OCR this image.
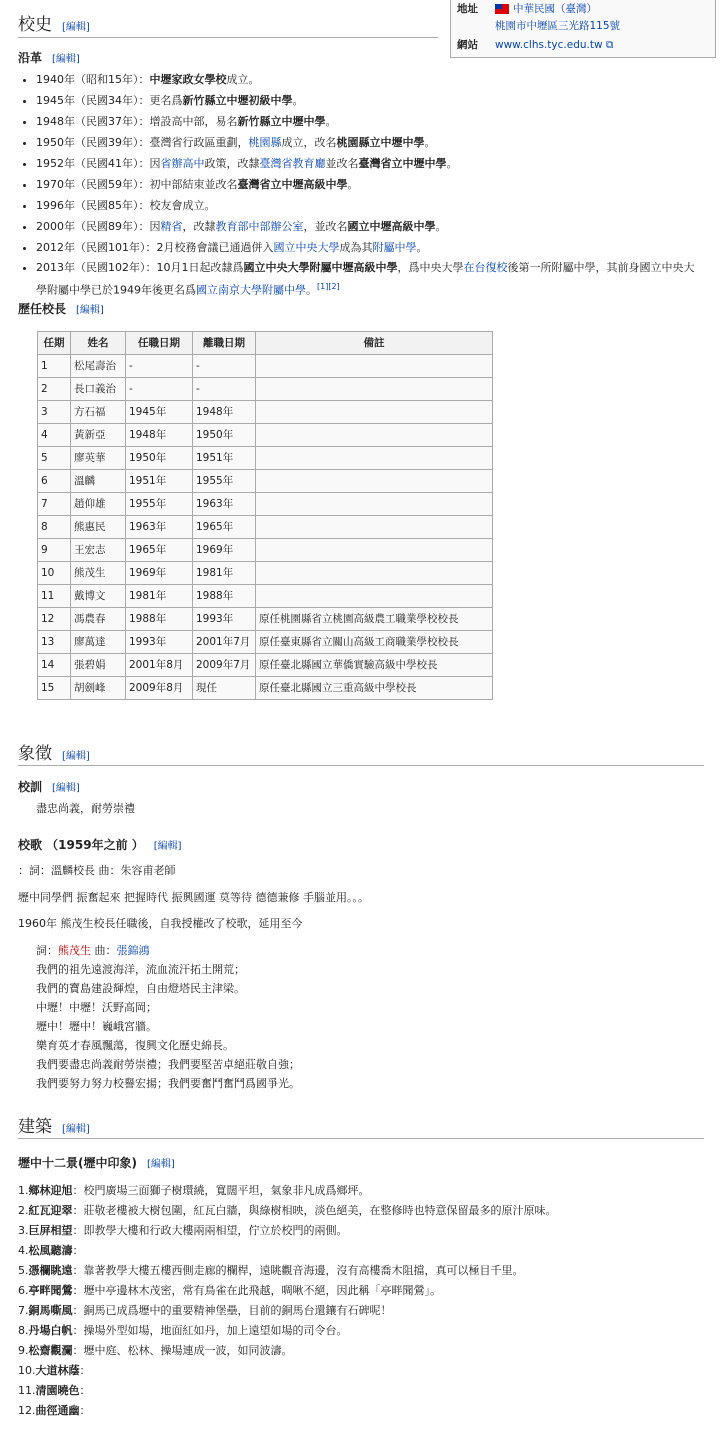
地址	中華民國（臺灣）
桃園市中壢區三光路115號
網站	www.clhs.tyc.edu.tw ⧉
校史 [編輯]
沿革 [編輯]
• 1940年（昭和15年）：中壢家政女學校成立。
• 1945年（民國34年）：更名爲新竹縣立中壢初級中學。
• 1948年（民國37年）：增設高中部，易名新竹縣立中壢中學。
• 1950年（民國39年）：臺灣省行政區重劃，桃園縣成立，改名桃園縣立中壢中學。
• 1952年（民國41年）：因省辦高中政策，改隸臺灣省教育廳並改名臺灣省立中壢中學。
• 1970年（民國59年）：初中部結束並改名臺灣省立中壢高級中學。
• 1996年（民國85年）：校友會成立。
• 2000年（民國89年）：因精省，改隸教育部中部辦公室，並改名國立中壢高級中學。
• 2012年（民國101年）：2月校務會議已通過併入國立中央大學成為其附屬中學。
• 2013年（民國102年）：10月1日起改隸爲國立中央大學附屬中壢高級中學，爲中央大學在台復校後第一所附屬中學，其前身國立中央大學附屬中學已於1949年後更名爲國立南京大學附屬中學。[1][2]
歷任校長 [編輯]
任期	姓名	任職日期	離職日期	備註
1	松尾壽治	-	-	
2	長口義治	-	-	
3	方石福	1945年	1948年	
4	黃新亞	1948年	1950年	
5	廖英華	1950年	1951年	
6	溫麟	1951年	1955年	
7	趙仰雄	1955年	1963年	
8	熊惠民	1963年	1965年	
9	王宏志	1965年	1969年	
10	熊茂生	1969年	1981年	
11	戴博文	1981年	1988年	
12	馮農春	1988年	1993年	原任桃園縣省立桃園高級農工職業學校校長
13	廖萬達	1993年	2001年7月	原任臺東縣省立關山高級工商職業學校校長
14	張碧娟	2001年8月	2009年7月	原任臺北縣國立華僑實驗高級中學校長
15	胡劍峰	2009年8月	現任	原任臺北縣國立三重高級中學校長
象徵 [編輯]
校訓 [編輯]
盡忠尚義，耐勞崇禮
校歌 （1959年之前 ） [編輯]
：詞：溫麟校長 曲：朱容甫老師
壢中同學們 振奮起來 把握時代 振興國運 莫等待 德德兼修 手腦並用。。。
1960年 熊茂生校長任職後，自我授權改了校歌，延用至今
詞：熊茂生 曲：張錦鴻
我們的祖先遠渡海洋，流血流汗拓土開荒；
我們的寶島建設輝煌，自由燈塔民主津梁。
中壢！中壢！沃野高岡；
壢中！壢中！巍峨宮牆。
樂育英才春風飄蕩，復興文化歷史綿長。
我們要盡忠尚義耐勞崇禮；我們要堅苦卓絕莊敬自強；
我們要努力努力校譽宏揚；我們要奮鬥奮鬥爲國爭光。
建築 [編輯]
壢中十二景(壢中印象) [編輯]
1.鄉林迎旭：校門廣場三面獅子樹環繞，寬闊平坦，氣象非凡成爲鄉坪。
2.紅瓦迎翠：莊敬老樓被大樹包圍，紅瓦白牆，與綠樹相映，淡色絕美，在整修時也特意保留最多的原汁原味。
3.巨屏相望：即教學大樓和行政大樓兩兩相望，佇立於校門的兩側。
4.松風聽濤：
5.憑欄眺遠：靠著教學大樓五樓西側走廊的欄桿，遠眺觀音海邊，沒有高樓喬木阻擋，真可以極目千里。
6.亭畔聞鶯：壢中亭邊林木茂密，常有鳥雀在此飛越，啁啾不絕，因此稱「亭畔聞鶯」。
7.銅馬嘶風：銅馬已成爲壢中的重要精神堡壘，目前的銅馬台還鑲有石碑呢！
8.丹場白帆：操場外型如場，地面紅如丹，加上遠望如場的司令台。
9.松齋觀瀾：壢中庭、松林、操場連成一波，如同波濤。
10.大道林蔭：
11.清園曉色：
12.曲徑通幽：
